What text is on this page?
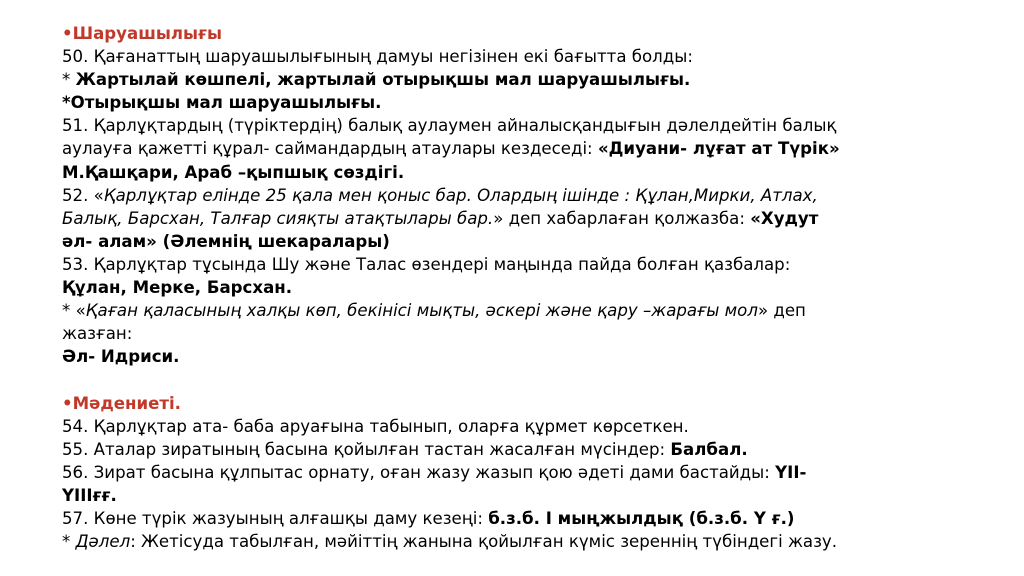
•Шаруашылығы
50. Қағанаттың шаруашылығының дамуы негізінен екі бағытта болды:
* Жартылай көшпелі, жартылай отырықшы мал шаруашылығы.
*Отырықшы мал шаруашылығы.
51. Қарлұқтардың (түріктердің) балық аулаумен айналысқандығын дәлелдейтін балық
аулауға қажетті құрал- саймандардың атаулары кездеседі: «Диуани- лұғат ат Түрік»
М.Қашқари, Араб –қыпшық сөздігі.
52. «Қарлұқтар елінде 25 қала мен қоныс бар. Олардың ішінде : Құлан,Мирки, Атлах,
Балық, Барсхан, Талғар сияқты атақтылары бар.» деп хабарлаған қолжазба: «Худут
әл- алам» (Әлемнің шекаралары)
53. Қарлұқтар тұсында Шу және Талас өзендері маңында пайда болған қазбалар:
Құлан, Мерке, Барсхан.
* «Қаған қаласының халқы көп, бекінісі мықты, әскері және қару –жарағы мол» деп
жазған:
Әл- Идриси.
•Мәдениеті.
54. Қарлұқтар ата- баба аруағына табынып, оларға құрмет көрсеткен.
55. Аталар зиратының басына қойылған тастан жасалған мүсіндер: Балбал.
56. Зират басына құлпытас орнату, оған жазу жазып қою әдеті дами бастайды: YII-
YIIIғғ.
57. Көне түрік жазуының алғашқы даму кезеңі: б.з.б. І мыңжылдық (б.з.б. Y ғ.)
* Дәлел: Жетісуда табылған, мәйіттің жанына қойылған күміс зереннің түбіндегі жазу.
